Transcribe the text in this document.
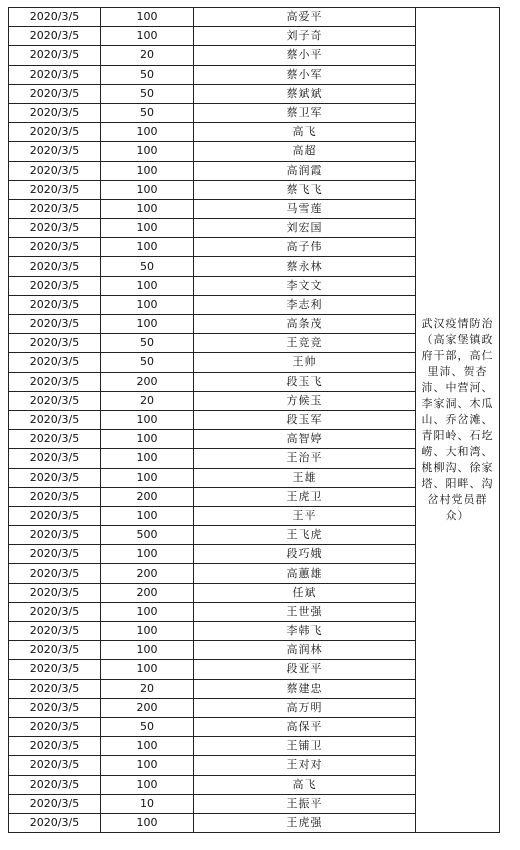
2020/3/5	100	高爱平	武汉疫情防治（高家堡镇政府干部，高仁里沛、贺杏沛、中营河、李家洞、木瓜山、乔岔滩、青阳岭、石圪崂、大和湾、桃柳沟、徐家塔、阳畔、沟岔村党员群众）

2020/3/5	100	刘子奇	
2020/3/5	20	蔡小平	
2020/3/5	50	蔡小军	
2020/3/5	50	蔡斌斌	
2020/3/5	50	蔡卫军	
2020/3/5	100	高飞	
2020/3/5	100	高超	
2020/3/5	100	高润霞	
2020/3/5	100	蔡飞飞	
2020/3/5	100	马雪莲	
2020/3/5	100	刘宏国	
2020/3/5	100	高子伟	
2020/3/5	50	蔡永林	
2020/3/5	100	李文文	
2020/3/5	100	李志利	
2020/3/5	100	高条茂	
2020/3/5	50	王竞竞	
2020/3/5	50	王帅	
2020/3/5	200	段玉飞	
2020/3/5	20	方候玉	
2020/3/5	100	段玉军	
2020/3/5	100	高智婷	
2020/3/5	100	王治平	
2020/3/5	100	王雄	
2020/3/5	200	王虎卫	
2020/3/5	100	王平	
2020/3/5	500	王飞虎	
2020/3/5	100	段巧娥	
2020/3/5	200	高蕙雄	
2020/3/5	200	任斌	
2020/3/5	100	王世强	
2020/3/5	100	李韩飞	
2020/3/5	100	高润林	
2020/3/5	100	段亚平	
2020/3/5	20	蔡建忠	
2020/3/5	200	高万明	
2020/3/5	50	高保平	
2020/3/5	100	王铺卫	
2020/3/5	100	王对对	
2020/3/5	100	高飞	
2020/3/5	10	王振平	
2020/3/5	100	王虎强	
